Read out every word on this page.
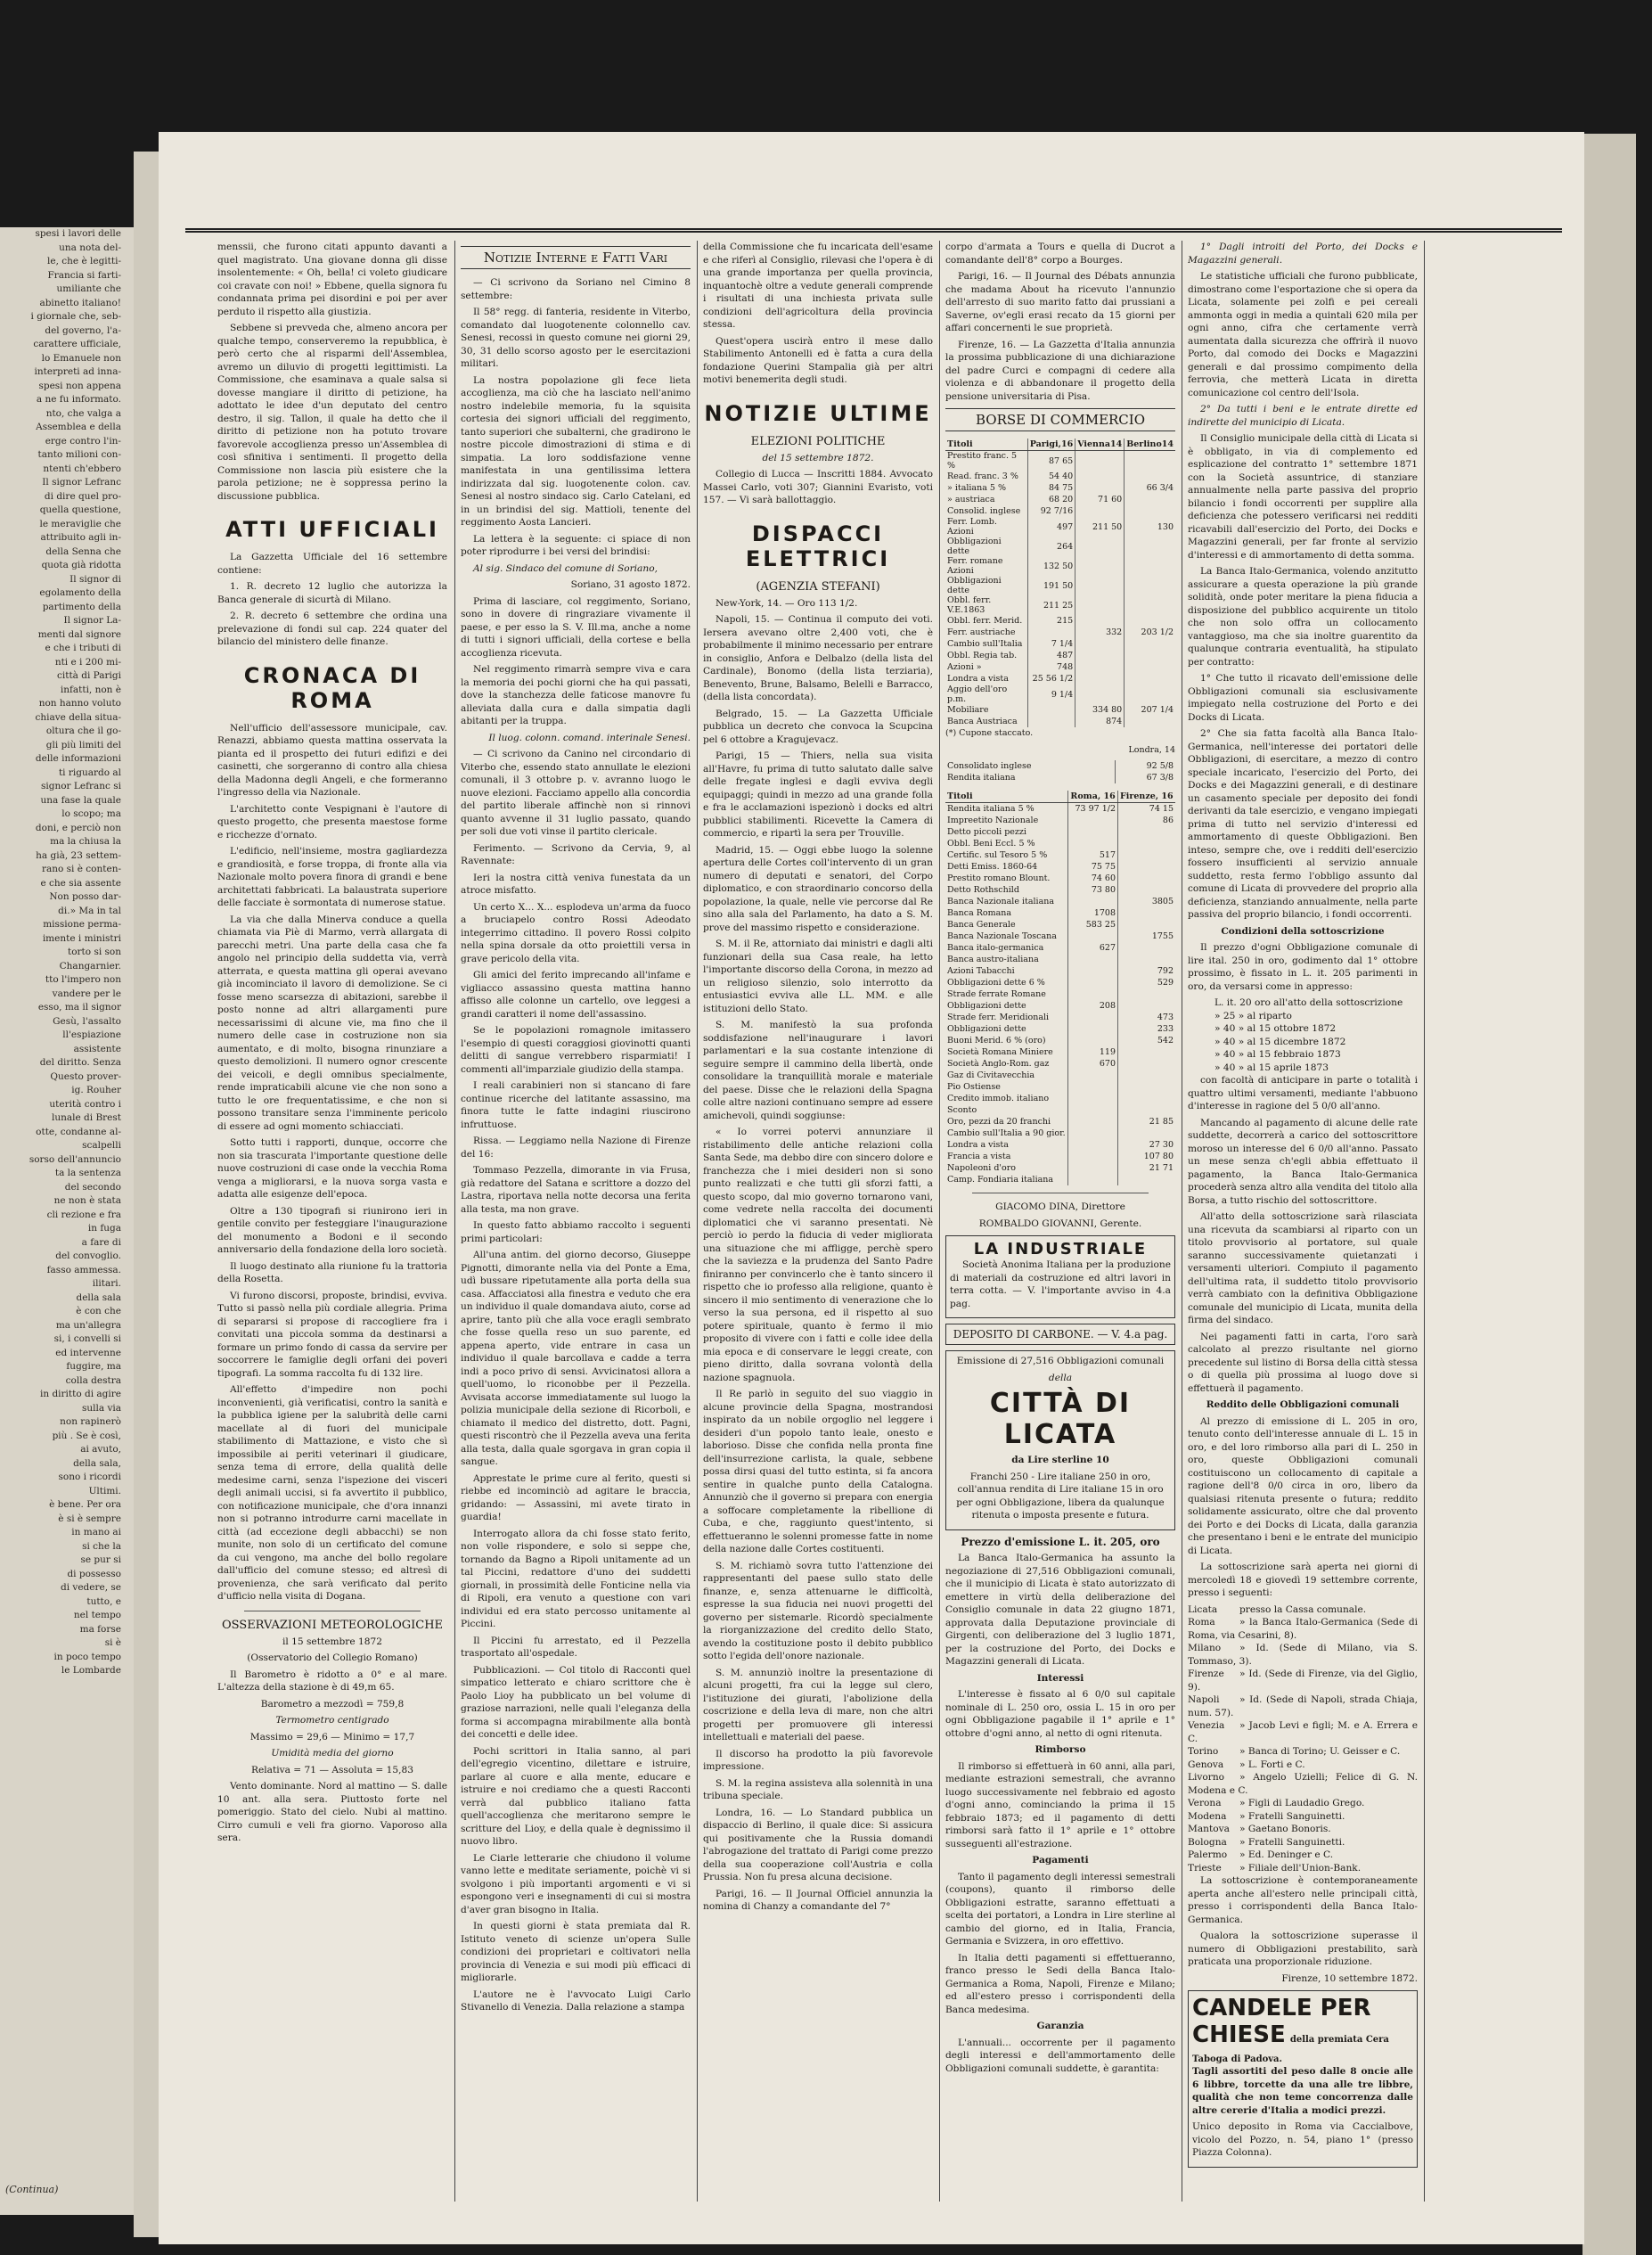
spesi i lavori delle

una nota del-

le, che è legitti-

Francia si farti-

umiliante che

abinetto italiano!

i giornale che, seb-

del governo, l'a-

carattere ufficiale,

lo Emanuele non

interpreti ad inna-

spesi non appena

a ne fu informato.

nto, che valga a

Assemblea e della

erge contro l'in-

tanto milioni con-

ntenti ch'ebbero

Il signor Lefranc

di dire quel pro-

quella questione,

le meraviglie che

attribuito agli in-

della Senna che

quota già ridotta

Il signor di

egolamento della

partimento della

Il signor La-

menti dal signore

e che i tributi di

nti e i 200 mi-

città di Parigi

infatti, non è

non hanno voluto

chiave della situa-

oltura che il go-

gli più limiti del

delle informazioni

ti riguardo al

signor Lefranc si

una fase la quale

lo scopo; ma

doni, e perciò non

ma la chiusa la

ha già, 23 settem-

rano si è conten-

e che sia assente

Non posso dar-

di.» Ma in tal

missione perma-

imente i ministri

torto si son

Changarnier.

tto l'impero non

vandere per le

esso, ma il signor

Gesù, l'assalto

ll'espiazione

assistente

del diritto. Senza

Questo prover-

ig. Rouher

uterità contro i

lunale di Brest

otte, condanne al-

scalpelli

sorso dell'annuncio

ta la sentenza

del secondo

ne non è stata

cli rezione e fra

in fuga

a fare di

del convoglio.

fasso ammessa.

ilitari.

della sala

è con che

ma un'allegra

si, i convelli si

ed intervenne

fuggire, ma

colla destra

in diritto di agire

sulla via

non rapinerò

più . Se è così,

ai avuto,

della sala,

sono i ricordi

Ultimi.

è bene. Per ora

è si è sempre

in mano ai

si che la

se pur si

di possesso

di vedere, se

tutto, e

nel tempo

ma forse

si è

in poco tempo

le Lombarde

(Continua)

menssii, che furono citati appunto davanti a quel magistrato. Una giovane donna gli disse insolentemente: « Oh, bella! ci voleto giudicare coi cravate con noi! » Ebbene, quella signora fu condannata prima pei disordini e poi per aver perduto il rispetto alla giustizia.

Sebbene si prevveda che, almeno ancora per qualche tempo, conserveremo la repubblica, è però certo che al risparmi dell'Assemblea, avremo un diluvio di progetti legittimisti. La Commissione, che esaminava a quale salsa si dovesse mangiare il diritto di petizione, ha adottato le idee d'un deputato del centro destro, il sig. Tallon, il quale ha detto che il diritto di petizione non ha potuto trovare favorevole accoglienza presso un'Assemblea di così sfinitiva i sentimenti. Il progetto della Commissione non lascia più esistere che la parola petizione; ne è soppressa perino la discussione pubblica.

ATTI UFFICIALI

La Gazzetta Ufficiale del 16 settembre contiene:

1. R. decreto 12 luglio che autorizza la Banca generale di sicurtà di Milano.

2. R. decreto 6 settembre che ordina una prelevazione di fondi sul cap. 224 quater del bilancio del ministero delle finanze.

CRONACA DI ROMA

Nell'ufficio dell'assessore municipale, cav. Renazzi, abbiamo questa mattina osservata la pianta ed il prospetto dei futuri edifizi e dei casinetti, che sorgeranno di contro alla chiesa della Madonna degli Angeli, e che formeranno l'ingresso della via Nazionale.

L'architetto conte Vespignani è l'autore di questo progetto, che presenta maestose forme e ricchezze d'ornato.

L'edificio, nell'insieme, mostra gagliardezza e grandiosità, e forse troppa, di fronte alla via Nazionale molto povera finora di grandi e bene architettati fabbricati. La balaustrata superiore delle facciate è sormontata di numerose statue.

La via che dalla Minerva conduce a quella chiamata via Piè di Marmo, verrà allargata di parecchi metri. Una parte della casa che fa angolo nel principio della suddetta via, verrà atterrata, e questa mattina gli operai avevano già incominciato il lavoro di demolizione. Se ci fosse meno scarsezza di abitazioni, sarebbe il posto nonne ad altri allargamenti pure necessarissimi di alcune vie, ma fino che il numero delle case in costruzione non sia aumentato, e di molto, bisogna rinunziare a questo demolizioni. Il numero ognor crescente dei veicoli, e degli omnibus specialmente, rende impraticabili alcune vie che non sono a tutto le ore frequentatissime, e che non si possono transitare senza l'imminente pericolo di essere ad ogni momento schiacciati.

Sotto tutti i rapporti, dunque, occorre che non sia trascurata l'importante questione delle nuove costruzioni di case onde la vecchia Roma venga a migliorarsi, e la nuova sorga vasta e adatta alle esigenze dell'epoca.

Oltre a 130 tipografi si riunirono ieri in gentile convito per festeggiare l'inaugurazione del monumento a Bodoni e il secondo anniversario della fondazione della loro società.

Il luogo destinato alla riunione fu la trattoria della Rosetta.

Vi furono discorsi, proposte, brindisi, evviva. Tutto si passò nella più cordiale allegria. Prima di separarsi si propose di raccogliere fra i convitati una piccola somma da destinarsi a formare un primo fondo di cassa da servire per soccorrere le famiglie degli orfani dei poveri tipografi. La somma raccolta fu di 132 lire.

All'effetto d'impedire non pochi inconvenienti, già verificatisi, contro la sanità e la pubblica igiene per la salubrità delle carni macellate al di fuori del municipale stabilimento di Mattazione, e visto che sì impossibile ai periti veterinari il giudicare, senza tema di errore, della qualità delle medesime carni, senza l'ispezione dei visceri degli animali uccisi, si fa avvertito il pubblico, con notificazione municipale, che d'ora innanzi non si potranno introdurre carni macellate in città (ad eccezione degli abbacchi) se non munite, non solo di un certificato del comune da cui vengono, ma anche del bollo regolare dall'ufficio del comune stesso; ed altresì di provenienza, che sarà verificato dal perito d'ufficio nella visita di Dogana.

OSSERVAZIONI METEOROLOGICHE

il 15 settembre 1872

(Osservatorio del Collegio Romano)

Il Barometro è ridotto a 0° e al mare. L'altezza della stazione è di 49,m 65.

Barometro a mezzodì = 759,8

Termometro centigrado

Massimo = 29,6 — Minimo = 17,7

Umidità media del giorno

Relativa = 71 — Assoluta = 15,83

Vento dominante. Nord al mattino — S. dalle 10 ant. alla sera. Piuttosto forte nel pomeriggio. Stato del cielo. Nubi al mattino. Cirro cumuli e veli fra giorno. Vaporoso alla sera.

Notizie Interne e Fatti Vari

— Ci scrivono da Soriano nel Cimino 8 settembre:

Il 58° regg. di fanteria, residente in Viterbo, comandato dal luogotenente colonnello cav. Senesi, recossi in questo comune nei giorni 29, 30, 31 dello scorso agosto per le esercitazioni militari.

La nostra popolazione gli fece lieta accoglienza, ma ciò che ha lasciato nell'animo nostro indelebile memoria, fu la squisita cortesia dei signori ufficiali del reggimento, tanto superiori che subalterni, che gradirono le nostre piccole dimostrazioni di stima e di simpatia. La loro soddisfazione venne manifestata in una gentilissima lettera indirizzata dal sig. luogotenente colon. cav. Senesi al nostro sindaco sig. Carlo Catelani, ed in un brindisi del sig. Mattioli, tenente del reggimento Aosta Lancieri.

La lettera è la seguente: ci spiace di non poter riprodurre i bei versi del brindisi:

Al sig. Sindaco del comune di Soriano,

Soriano, 31 agosto 1872.

Prima di lasciare, col reggimento, Soriano, sono in dovere di ringraziare vivamente il paese, e per esso la S. V. Ill.ma, anche a nome di tutti i signori ufficiali, della cortese e bella accoglienza ricevuta.

Nel reggimento rimarrà sempre viva e cara la memoria dei pochi giorni che ha qui passati, dove la stanchezza delle faticose manovre fu alleviata dalla cura e dalla simpatia dagli abitanti per la truppa.

Il luog. colonn. comand. interinale Senesi.

— Ci scrivono da Canino nel circondario di Viterbo che, essendo stato annullate le elezioni comunali, il 3 ottobre p. v. avranno luogo le nuove elezioni. Facciamo appello alla concordia del partito liberale affinchè non si rinnovi quanto avvenne il 31 luglio passato, quando per soli due voti vinse il partito clericale.

Ferimento. — Scrivono da Cervia, 9, al Ravennate:

Ieri la nostra città veniva funestata da un atroce misfatto.

Un certo X... X... esplodeva un'arma da fuoco a bruciapelo contro Rossi Adeodato integerrimo cittadino. Il povero Rossi colpito nella spina dorsale da otto proiettili versa in grave pericolo della vita.

Gli amici del ferito imprecando all'infame e vigliacco assassino questa mattina hanno affisso alle colonne un cartello, ove leggesi a grandi caratteri il nome dell'assassino.

Se le popolazioni romagnole imitassero l'esempio di questi coraggiosi giovinotti quanti delitti di sangue verrebbero risparmiati! I commenti all'imparziale giudizio della stampa.

I reali carabinieri non si stancano di fare continue ricerche del latitante assassino, ma finora tutte le fatte indagini riuscirono infruttuose.

Rissa. — Leggiamo nella Nazione di Firenze del 16:

Tommaso Pezzella, dimorante in via Frusa, già redattore del Satana e scrittore a dozzo del Lastra, riportava nella notte decorsa una ferita alla testa, ma non grave.

In questo fatto abbiamo raccolto i seguenti primi particolari:

All'una antim. del giorno decorso, Giuseppe Pignotti, dimorante nella via del Ponte a Ema, udì bussare ripetutamente alla porta della sua casa. Affacciatosi alla finestra e veduto che era un individuo il quale domandava aiuto, corse ad aprire, tanto più che alla voce eragli sembrato che fosse quella reso un suo parente, ed appena aperto, vide entrare in casa un individuo il quale barcollava e cadde a terra indi a poco privo di sensi. Avvicinatosi allora a quell'uomo, lo riconobbe per il Pezzella. Avvisata accorse immediatamente sul luogo la polizia municipale della sezione di Ricorboli, e chiamato il medico del distretto, dott. Pagni, questi riscontrò che il Pezzella aveva una ferita alla testa, dalla quale sgorgava in gran copia il sangue.

Apprestate le prime cure al ferito, questi si riebbe ed incominciò ad agitare le braccia, gridando: — Assassini, mi avete tirato in guardia!

Interrogato allora da chi fosse stato ferito, non volle rispondere, e solo si seppe che, tornando da Bagno a Ripoli unitamente ad un tal Piccini, redattore d'uno dei suddetti giornali, in prossimità delle Fonticine nella via di Ripoli, era venuto a questione con vari individui ed era stato percosso unitamente al Piccini.

Il Piccini fu arrestato, ed il Pezzella trasportato all'ospedale.

Pubblicazioni. — Col titolo di Racconti quel simpatico letterato e chiaro scrittore che è Paolo Lioy ha pubblicato un bel volume di graziose narrazioni, nelle quali l'eleganza della forma si accompagna mirabilmente alla bontà dei concetti e delle idee.

Pochi scrittori in Italia sanno, al pari dell'egregio vicentino, dilettare e istruire, parlare al cuore e alla mente, educare e istruire e noi crediamo che a questi Racconti verrà dal pubblico italiano fatta quell'accoglienza che meritarono sempre le scritture del Lioy, e della quale è degnissimo il nuovo libro.

Le Ciarle letterarie che chiudono il volume vanno lette e meditate seriamente, poichè vi si svolgono i più importanti argomenti e vi si espongono veri e insegnamenti di cui si mostra d'aver gran bisogno in Italia.

In questi giorni è stata premiata dal R. Istituto veneto di scienze un'opera Sulle condizioni dei proprietari e coltivatori nella provincia di Venezia e sui modi più efficaci di migliorarle.

L'autore ne è l'avvocato Luigi Carlo Stivanello di Venezia. Dalla relazione a stampa

della Commissione che fu incaricata dell'esame e che riferì al Consiglio, rilevasi che l'opera è di una grande importanza per quella provincia, inquantochè oltre a vedute generali comprende i risultati di una inchiesta privata sulle condizioni dell'agricoltura della provincia stessa.

Quest'opera uscirà entro il mese dallo Stabilimento Antonelli ed è fatta a cura della fondazione Querini Stampalia già per altri motivi benemerita degli studi.

NOTIZIE ULTIME
ELEZIONI POLITICHE

del 15 settembre 1872.

Collegio di Lucca — Inscritti 1884. Avvocato Massei Carlo, voti 307; Giannini Evaristo, voti 157. — Vi sarà ballottaggio.

DISPACCI ELETTRICI
(AGENZIA STEFANI)

New-York, 14. — Oro 113 1/2.

Napoli, 15. — Continua il computo dei voti. Iersera avevano oltre 2,400 voti, che è probabilmente il minimo necessario per entrare in consiglio, Anfora e Delbalzo (della lista del Cardinale), Bonomo (della lista terziaria), Benevento, Brune, Balsamo, Belelli e Barracco, (della lista concordata).

Belgrado, 15. — La Gazzetta Ufficiale pubblica un decreto che convoca la Scupcina pel 6 ottobre a Kragujevacz.

Parigi, 15 — Thiers, nella sua visita all'Havre, fu prima di tutto salutato dalle salve delle fregate inglesi e dagli evviva degli equipaggi; quindi in mezzo ad una grande folla e fra le acclamazioni ispezionò i docks ed altri pubblici stabilimenti. Ricevette la Camera di commercio, e ripartì la sera per Trouville.

Madrid, 15. — Oggi ebbe luogo la solenne apertura delle Cortes coll'intervento di un gran numero di deputati e senatori, del Corpo diplomatico, e con straordinario concorso della popolazione, la quale, nelle vie percorse dal Re sino alla sala del Parlamento, ha dato a S. M. prove del massimo rispetto e considerazione.

S. M. il Re, attorniato dai ministri e dagli alti funzionari della sua Casa reale, ha letto l'importante discorso della Corona, in mezzo ad un religioso silenzio, solo interrotto da entusiastici evviva alle LL. MM. e alle istituzioni dello Stato.

S. M. manifestò la sua profonda soddisfazione nell'inaugurare i lavori parlamentari e la sua costante intenzione di seguire sempre il cammino della libertà, onde consolidare la tranquillità morale e materiale del paese. Disse che le relazioni della Spagna colle altre nazioni continuano sempre ad essere amichevoli, quindi soggiunse:

« Io vorrei potervi annunziare il ristabilimento delle antiche relazioni colla Santa Sede, ma debbo dire con sincero dolore e franchezza che i miei desideri non si sono punto realizzati e che tutti gli sforzi fatti, a questo scopo, dal mio governo tornarono vani, come vedrete nella raccolta dei documenti diplomatici che vi saranno presentati. Nè perciò io perdo la fiducia di veder migliorata una situazione che mi affligge, perchè spero che la saviezza e la prudenza del Santo Padre finiranno per convincerlo che è tanto sincero il rispetto che io professo alla religione, quanto è sincero il mio sentimento di venerazione che lo verso la sua persona, ed il rispetto al suo potere spirituale, quanto è fermo il mio proposito di vivere con i fatti e colle idee della mia epoca e di conservare le leggi create, con pieno diritto, dalla sovrana volontà della nazione spagnuola.

Il Re parlò in seguito del suo viaggio in alcune provincie della Spagna, mostrandosi inspirato da un nobile orgoglio nel leggere i desideri d'un popolo tanto leale, onesto e laborioso. Disse che confida nella pronta fine dell'insurrezione carlista, la quale, sebbene possa dirsi quasi del tutto estinta, si fa ancora sentire in qualche punto della Catalogna. Annunziò che il governo si prepara con energia a soffocare completamente la ribellione di Cuba, e che, raggiunto quest'intento, si effettueranno le solenni promesse fatte in nome della nazione dalle Cortes costituenti.

S. M. richiamò sovra tutto l'attenzione dei rappresentanti del paese sullo stato delle finanze, e, senza attenuarne le difficoltà, espresse la sua fiducia nei nuovi progetti del governo per sistemarle. Ricordò specialmente la riorganizzazione del credito dello Stato, avendo la costituzione posto il debito pubblico sotto l'egida dell'onore nazionale.

S. M. annunziò inoltre la presentazione di alcuni progetti, fra cui la legge sul clero, l'istituzione dei giurati, l'abolizione della coscrizione e della leva di mare, non che altri progetti per promuovere gli interessi intellettuali e materiali del paese.

Il discorso ha prodotto la più favorevole impressione.

S. M. la regina assisteva alla solennità in una tribuna speciale.

Londra, 16. — Lo Standard pubblica un dispaccio di Berlino, il quale dice: Si assicura qui positivamente che la Russia domandi l'abrogazione del trattato di Parigi come prezzo della sua cooperazione coll'Austria e colla Prussia. Non fu presa alcuna decisione.

Parigi, 16. — Il Journal Officiel annunzia la nomina di Chanzy a comandante del 7°

corpo d'armata a Tours e quella di Ducrot a comandante dell'8° corpo a Bourges.

Parigi, 16. — Il Journal des Débats annunzia che madama About ha ricevuto l'annunzio dell'arresto di suo marito fatto dai prussiani a Saverne, ov'egli erasi recato da 15 giorni per affari concernenti le sue proprietà.

Firenze, 16. — La Gazzetta d'Italia annunzia la prossima pubblicazione di una dichiarazione del padre Curci e compagni di cedere alla violenza e di abbandonare il progetto della pensione universitaria di Pisa.

BORSE DI COMMERCIO
Titoli	Parigi,16	Vienna14	Berlino14
Prestito franc. 5 %	87 65		
Read. franc. 3 %	54 40		
» italiana 5 %	84 75		66 3/4
» austriaca	68 20	71 60	
Consolid. inglese	92 7/16		
Ferr. Lomb. Azioni	497	211 50	130
Obbligazioni dette	264		
Ferr. romane Azioni	132 50		
Obbligazioni dette	191 50		
Obbl. ferr. V.E.1863	211 25		
Obbl. ferr. Merid.	215		
Ferr. austriache		332	203 1/2
Cambio sull'Italia	7 1/4		
Obbl. Regia tab.	487		
Azioni »	748		
Londra a vista	25 56 1/2		
Aggio dell'oro p.m.	9 1/4		
Mobiliare		334 80	207 1/4
Banca Austriaca		874	

(*) Cupone staccato.

Londra, 14

Consolidato inglese	92 5/8
Rendita italiana	67 3/8
Titoli	Roma, 16	Firenze, 16
Rendita italiana 5 %	73 97 1/2	74 15
Impreetito Nazionale		86
Detto piccoli pezzi		
Obbl. Beni Eccl. 5 %		
Certific. sul Tesoro 5 %	517	
Detti Emiss. 1860-64	75 75	
Prestito romano Blount.	74 60	
Detto Rothschild	73 80	
Banca Nazionale italiana		3805
Banca Romana	1708	
Banca Generale	583 25	
Banca Nazionale Toscana		1755
Banca italo-germanica	627	
Banca austro-italiana		
Azioni Tabacchi		792
Obbligazioni dette 6 %		529
Strade ferrate Romane		
Obbligazioni dette	208	
Strade ferr. Meridionali		473
Obbligazioni dette		233
Buoni Merid. 6 % (oro)		542
Società Romana Miniere	119	
Società Anglo-Rom. gaz	670	
Gaz di Civitavecchia		
Pio Ostiense		
Credito immob. italiano		
Sconto		
Oro, pezzi da 20 franchi		21 85
Cambio sull'Italia a 90 gior.		
Londra a vista		27 30
Francia a vista		107 80
Napoleoni d'oro		21 71
Camp. Fondiaria italiana		

GIACOMO DINA, Direttore

ROMBALDO GIOVANNI, Gerente.

LA INDUSTRIALE

Società Anonima Italiana per la produzione di materiali da costruzione ed altri lavori in terra cotta. — V. l'importante avviso in 4.a pag.

DEPOSITO DI CARBONE. — V. 4.a pag.

Emissione di 27,516 Obbligazioni comunali

della

CITTÀ DI LICATA

da Lire sterline 10

Franchi 250 - Lire italiane 250 in oro, coll'annua rendita di Lire italiane 15 in oro per ogni Obbligazione, libera da qualunque ritenuta o imposta presente e futura.

Prezzo d'emissione L. it. 205, oro

La Banca Italo-Germanica ha assunto la negoziazione di 27,516 Obbligazioni comunali, che il municipio di Licata è stato autorizzato di emettere in virtù della deliberazione del Consiglio comunale in data 22 giugno 1871, approvata dalla Deputazione provinciale di Girgenti, con deliberazione del 3 luglio 1871, per la costruzione del Porto, dei Docks e Magazzini generali di Licata.

Interessi

L'interesse è fissato al 6 0/0 sul capitale nominale di L. 250 oro, ossia L. 15 in oro per ogni Obbligazione pagabile il 1° aprile e 1° ottobre d'ogni anno, al netto di ogni ritenuta.

Rimborso

Il rimborso si effettuerà in 60 anni, alla pari, mediante estrazioni semestrali, che avranno luogo successivamente nel febbraio ed agosto d'ogni anno, cominciando la prima il 15 febbraio 1873; ed il pagamento di detti rimborsi sarà fatto il 1° aprile e 1° ottobre susseguenti all'estrazione.

Pagamenti

Tanto il pagamento degli interessi semestrali (coupons), quanto il rimborso delle Obbligazioni estratte, saranno effettuati a scelta dei portatori, a Londra in Lire sterline al cambio del giorno, ed in Italia, Francia, Germania e Svizzera, in oro effettivo.

In Italia detti pagamenti si effettueranno, franco presso le Sedi della Banca Italo-Germanica a Roma, Napoli, Firenze e Milano; ed all'estero presso i corrispondenti della Banca medesima.

Garanzia

L'annuali... occorrente per il pagamento degli interessi e dell'ammortamento delle Obbligazioni comunali suddette, è garantita:

1° Dagli introiti del Porto, dei Docks e Magazzini generali.

Le statistiche ufficiali che furono pubblicate, dimostrano come l'esportazione che si opera da Licata, solamente pei zolfi e pei cereali ammonta oggi in media a quintali 620 mila per ogni anno, cifra che certamente verrà aumentata dalla sicurezza che offrirà il nuovo Porto, dal comodo dei Docks e Magazzini generali e dal prossimo compimento della ferrovia, che metterà Licata in diretta comunicazione col centro dell'Isola.

2° Da tutti i beni e le entrate dirette ed indirette del municipio di Licata.

Il Consiglio municipale della città di Licata si è obbligato, in via di complemento ed esplicazione del contratto 1° settembre 1871 con la Società assuntrice, di stanziare annualmente nella parte passiva del proprio bilancio i fondi occorrenti per supplire alla deficienza che potessero verificarsi nei redditi ricavabili dall'esercizio del Porto, dei Docks e Magazzini generali, per far fronte al servizio d'interessi e di ammortamento di detta somma.

La Banca Italo-Germanica, volendo anzitutto assicurare a questa operazione la più grande solidità, onde poter meritare la piena fiducia a disposizione del pubblico acquirente un titolo che non solo offra un collocamento vantaggioso, ma che sia inoltre guarentito da qualunque contraria eventualità, ha stipulato per contratto:

1° Che tutto il ricavato dell'emissione delle Obbligazioni comunali sia esclusivamente impiegato nella costruzione del Porto e dei Docks di Licata.

2° Che sia fatta facoltà alla Banca Italo-Germanica, nell'interesse dei portatori delle Obbligazioni, di esercitare, a mezzo di contro speciale incaricato, l'esercizio del Porto, dei Docks e dei Magazzini generali, e di destinare un casamento speciale per deposito dei fondi derivanti da tale esercizio, e vengano impiegati prima di tutto nel servizio d'interessi ed ammortamento di queste Obbligazioni. Ben inteso, sempre che, ove i redditi dell'esercizio fossero insufficienti al servizio annuale suddetto, resta fermo l'obbligo assunto dal comune di Licata di provvedere del proprio alla deficienza, stanziando annualmente, nella parte passiva del proprio bilancio, i fondi occorrenti.

Condizioni della sottoscrizione

Il prezzo d'ogni Obbligazione comunale di lire ital. 250 in oro, godimento dal 1° ottobre prossimo, è fissato in L. it. 205 parimenti in oro, da versarsi come in appresso:

L. it. 20 oro all'atto della sottoscrizione

» 25 » al riparto

» 40 » al 15 ottobre 1872

» 40 » al 15 dicembre 1872

» 40 » al 15 febbraio 1873

» 40 » al 15 aprile 1873

con facoltà di anticipare in parte o totalità i quattro ultimi versamenti, mediante l'abbuono d'interesse in ragione del 5 0/0 all'anno.

Mancando al pagamento di alcune delle rate suddette, decorrerà a carico del sottoscrittore moroso un interesse del 6 0/0 all'anno. Passato un mese senza ch'egli abbia effettuato il pagamento, la Banca Italo-Germanica procederà senza altro alla vendita del titolo alla Borsa, a tutto rischio del sottoscrittore.

All'atto della sottoscrizione sarà rilasciata una ricevuta da scambiarsi al riparto con un titolo provvisorio al portatore, sul quale saranno successivamente quietanzati i versamenti ulteriori. Compiuto il pagamento dell'ultima rata, il suddetto titolo provvisorio verrà cambiato con la definitiva Obbligazione comunale del municipio di Licata, munita della firma del sindaco.

Nei pagamenti fatti in carta, l'oro sarà calcolato al prezzo risultante nel giorno precedente sul listino di Borsa della città stessa o di quella più prossima al luogo dove si effettuerà il pagamento.

Reddito delle Obbligazioni comunali

Al prezzo di emissione di L. 205 in oro, tenuto conto dell'interesse annuale di L. 15 in oro, e del loro rimborso alla pari di L. 250 in oro, queste Obbligazioni comunali costituiscono un collocamento di capitale a ragione dell'8 0/0 circa in oro, libero da qualsiasi ritenuta presente o futura; reddito solidamente assicurato, oltre che dal provento dei Porto e dei Docks di Licata, dalla garanzia che presentano i beni e le entrate del municipio di Licata.

La sottoscrizione sarà aperta nei giorni di mercoledì 18 e giovedì 19 settembre corrente, presso i seguenti:

Licatapresso la Cassa comunale.

Roma	» la Banca Italo-Germanica (Sede di Roma, via Cesarini, 8).

Milano» Id. (Sede di Milano, via S. Tommaso, 3).

Firenze» Id. (Sede di Firenze, via del Giglio, 9).

Napoli» Id. (Sede di Napoli, strada Chiaja, num. 57).

Venezia» Jacob Levi e figli; M. e A. Errera e C.

Torino» Banca di Torino; U. Geisser e C.

Genova» L. Forti e C.

Livorno» Angelo Uzielli; Felice di G. N. Modena e C.

Verona» Figli di Laudadio Grego.

Modena» Fratelli Sanguinetti.

Mantova» Gaetano Bonoris.

Bologna» Fratelli Sanguinetti.

Palermo» Ed. Deninger e C.

Trieste» Filiale dell'Union-Bank.

La sottoscrizione è contemporaneamente aperta anche all'estero nelle principali città, presso i corrispondenti della Banca Italo-Germanica.

Qualora la sottoscrizione superasse il numero di Obbligazioni prestabilito, sarà praticata una proporzionale riduzione.

Firenze, 10 settembre 1872.

CANDELE PER CHIESE della premiata Cera Taboga di Padova.

Tagli assortiti del peso dalle 8 oncie alle 6 libbre, torcette da una alle tre libbre, qualità che non teme concorrenza dalle altre cererie d'Italia a modici prezzi.

Unico deposito in Roma via Caccialbove, vicolo del Pozzo, n. 54, piano 1° (presso Piazza Colonna).
